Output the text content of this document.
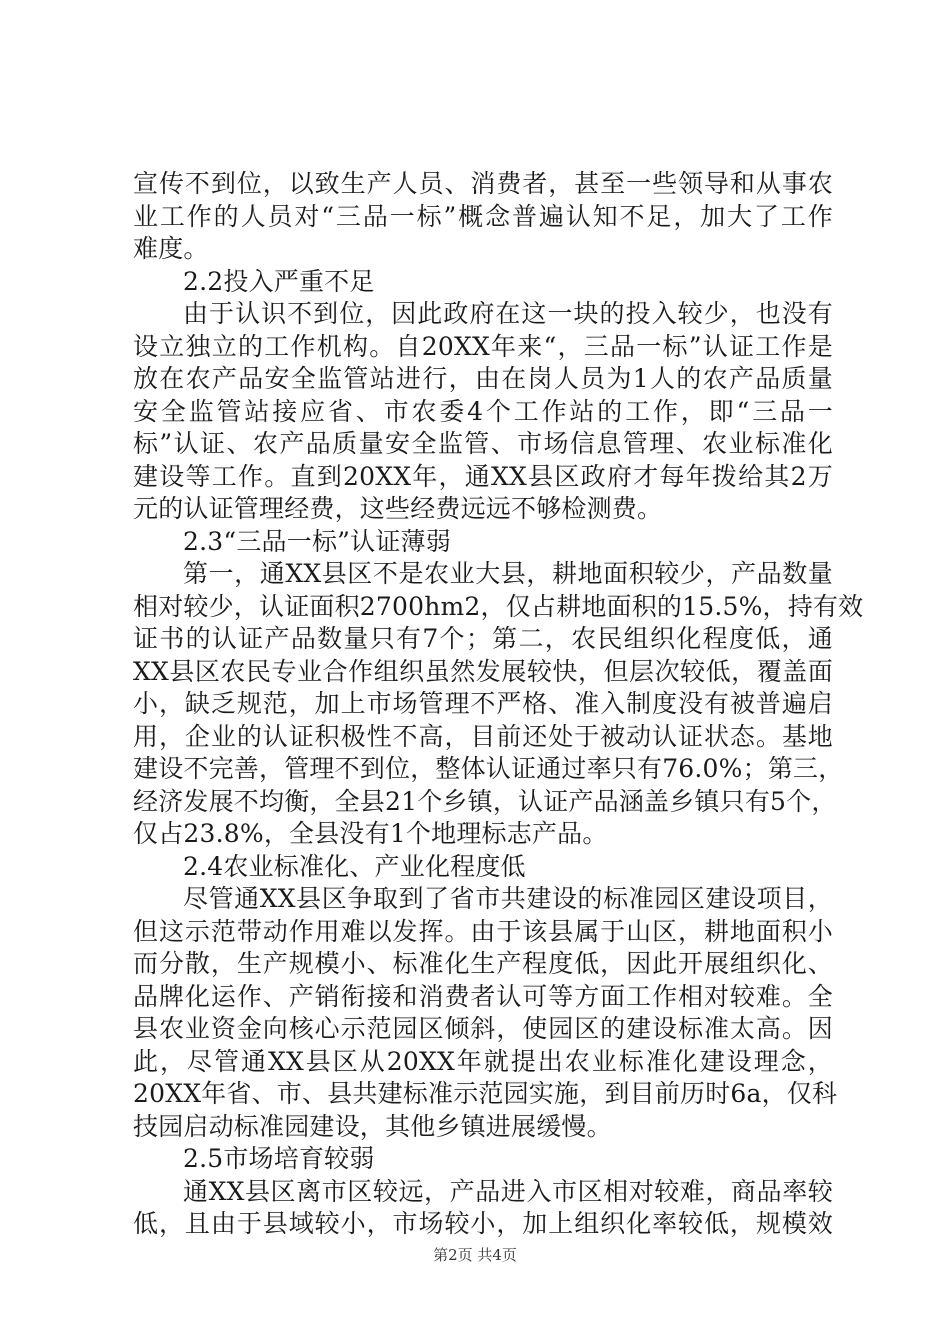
宣传不到位，以致生产人员、消费者，甚至一些领导和从事农
业工作的人员对“三品一标”概念普遍认知不足，加大了工作
难度。
2.2投入严重不足
由于认识不到位，因此政府在这一块的投入较少，也没有
设立独立的工作机构。自20XX年来“，三品一标”认证工作是
放在农产品安全监管站进行，由在岗人员为1人的农产品质量
安全监管站接应省、市农委4个工作站的工作，即“三品一
标”认证、农产品质量安全监管、市场信息管理、农业标准化
建设等工作。直到20XX年，通XX县区政府才每年拨给其2万
元的认证管理经费，这些经费远远不够检测费。
2.3“三品一标”认证薄弱
第一，通XX县区不是农业大县，耕地面积较少，产品数量
相对较少，认证面积2700hm2，仅占耕地面积的15.5%，持有效
证书的认证产品数量只有7个；第二，农民组织化程度低，通
XX县区农民专业合作组织虽然发展较快，但层次较低，覆盖面
小，缺乏规范，加上市场管理不严格、准入制度没有被普遍启
用，企业的认证积极性不高，目前还处于被动认证状态。基地
建设不完善，管理不到位，整体认证通过率只有76.0%；第三，
经济发展不均衡，全县21个乡镇，认证产品涵盖乡镇只有5个，
仅占23.8%，全县没有1个地理标志产品。
2.4农业标准化、产业化程度低
尽管通XX县区争取到了省市共建设的标准园区建设项目，
但这示范带动作用难以发挥。由于该县属于山区，耕地面积小
而分散，生产规模小、标准化生产程度低，因此开展组织化、
品牌化运作、产销衔接和消费者认可等方面工作相对较难。全
县农业资金向核心示范园区倾斜，使园区的建设标准太高。因
此，尽管通XX县区从20XX年就提出农业标准化建设理念，
20XX年省、市、县共建标准示范园实施，到目前历时6a，仅科
技园启动标准园建设，其他乡镇进展缓慢。
2.5市场培育较弱
通XX县区离市区较远，产品进入市区相对较难，商品率较
低，且由于县域较小，市场较小，加上组织化率较低，规模效
第2页 共4页
